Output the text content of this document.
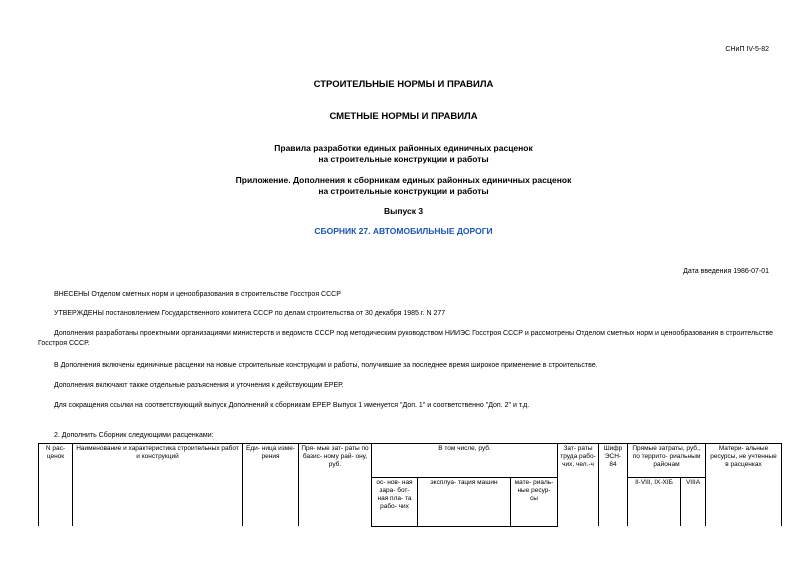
СНиП IV-5-82
СТРОИТЕЛЬНЫЕ НОРМЫ И ПРАВИЛА
СМЕТНЫЕ НОРМЫ И ПРАВИЛА
Правила разработки единых районных единичных расценок
на строительные конструкции и работы
Приложение. Дополнения к сборникам единых районных единичных расценок
на строительные конструкции и работы
Выпуск 3
СБОРНИК 27. АВТОМОБИЛЬНЫЕ ДОРОГИ
Дата введения 1986-07-01
ВНЕСЕНЫ Отделом сметных норм и ценообразования в строительстве Госстроя СССР
УТВЕРЖДЕНЫ постановлением Государственного комитета СССР по делам строительства от 30 декабря 1985 г. N 277
Дополнения разработаны проектными организациями министерств и ведомств СССР под методическим руководством НИИЭС Госстроя СССР и рассмотрены Отделом сметных норм и ценообразования в строительстве Госстроя СССР.
В Дополнения включены единичные расценки на новые строительные конструкции и работы, получившие за последнее время широкое применение в строительстве.
Дополнения включают также отдельные разъяснения и уточнения к действующим ЕРЕР.
Для сокращения ссылки на соответствующий выпуск Дополнений к сборникам ЕРЕР Выпуск 1 именуется "Доп. 1" и соответственно "Доп. 2" и т.д.
2. Дополнить Сборник следующими расценками:
N рас- ценок	Наименование и характеристика строительных работ и конструкций	Еди- ница изме- рения	Пря- мые зат- раты по базис- ному рай- ону, руб.	В том числе, руб.			Зат- раты труда рабо- чих, чел.-ч	Шифр ЭСН- 84	Прямые затраты, руб., по террито- риальным районам		Матери- альные ресурсы, не учтенные в расценках
				ос- нов- ная зара- бот- ная пла- та рабо- чих	эксплуа- тация машин	мате- риаль- ные ресур- сы			II-VIII, IX-XIБ	VIIIA	
